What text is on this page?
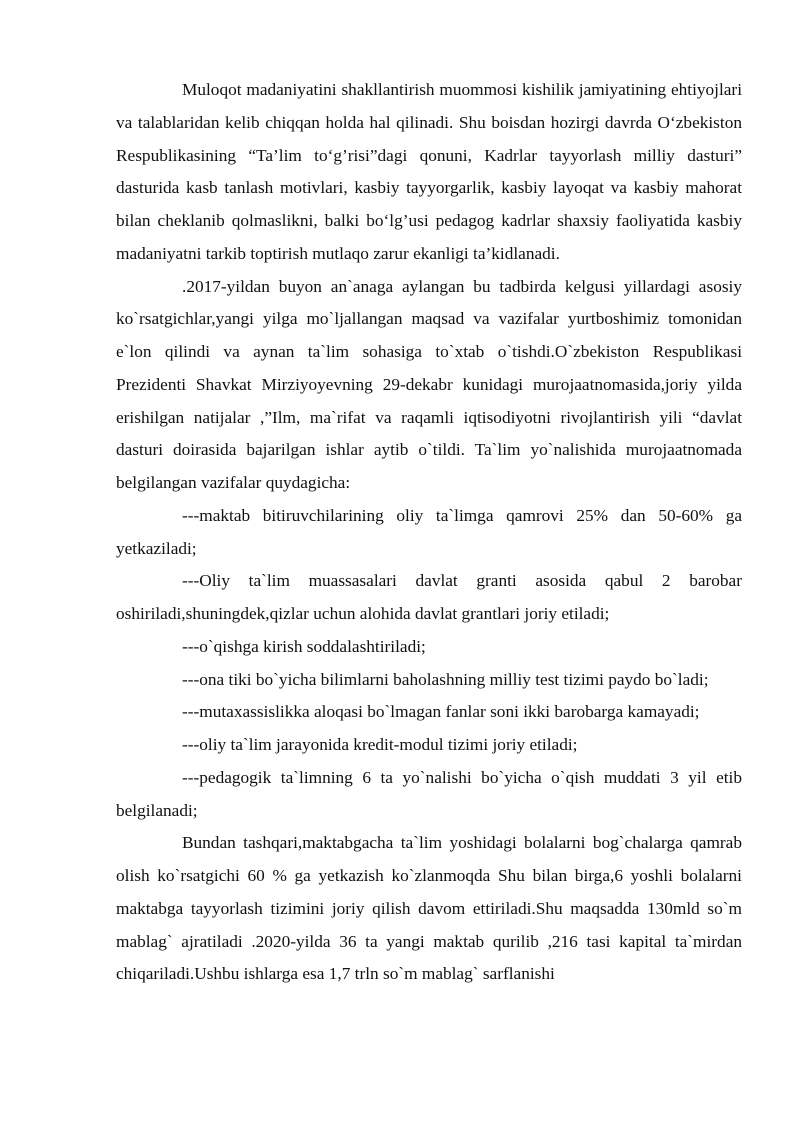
Muloqot madaniyatini shakllantirish muommosi kishilik jamiyatining ehtiyojlari va talablaridan kelib chiqqan holda hal qilinadi. Shu boisdan hozirgi davrda O‘zbekiston Respublikasining “Ta’lim to‘g’risi”dagi qonuni, Kadrlar tayyorlash milliy dasturi” dasturida kasb tanlash motivlari, kasbiy tayyorgarlik, kasbiy layoqat va kasbiy mahorat bilan cheklanib qolmaslikni, balki bo‘lg’usi pedagog kadrlar shaxsiy faoliyatida kasbiy madaniyatni tarkib toptirish mutlaqo zarur ekanligi ta’kidlanadi.

.2017-yildan buyon an`anaga aylangan bu tadbirda kelgusi yillardagi asosiy ko`rsatgichlar,yangi yilga mo`ljallangan maqsad va vazifalar yurtboshimiz tomonidan e`lon qilindi va aynan ta`lim sohasiga to`xtab o`tishdi.O`zbekiston Respublikasi Prezidenti Shavkat Mirziyoyevning 29-dekabr kunidagi murojaatnomasida,joriy yilda erishilgan natijalar ,”Ilm, ma`rifat va raqamli iqtisodiyotni rivojlantirish yili “davlat dasturi doirasida bajarilgan ishlar aytib o`tildi. Ta`lim yo`nalishida murojaatnomada belgilangan vazifalar quydagicha:

---maktab bitiruvchilarining oliy ta`limga qamrovi 25% dan 50-60% ga yetkaziladi;

---Oliy ta`lim muassasalari davlat granti asosida qabul 2 barobar oshiriladi,shuningdek,qizlar uchun alohida davlat grantlari joriy etiladi;

---o`qishga kirish soddalashtiriladi;

---ona tiki bo`yicha bilimlarni baholashning milliy test tizimi paydo bo`ladi;

---mutaxassislikka aloqasi bo`lmagan fanlar soni ikki barobarga kamayadi;

---oliy ta`lim jarayonida kredit-modul tizimi joriy etiladi;

---pedagogik ta`limning 6 ta yo`nalishi bo`yicha o`qish muddati 3 yil etib belgilanadi;

Bundan tashqari,maktabgacha ta`lim yoshidagi bolalarni bog`chalarga qamrab olish ko`rsatgichi 60 % ga yetkazish ko`zlanmoqda Shu bilan birga,6 yoshli bolalarni maktabga tayyorlash tizimini joriy qilish davom ettiriladi.Shu maqsadda 130mld so`m mablag` ajratiladi .2020-yilda 36 ta yangi maktab qurilib ,216 tasi kapital ta`mirdan chiqariladi.Ushbu ishlarga esa 1,7 trln so`m mablag` sarflanishi
